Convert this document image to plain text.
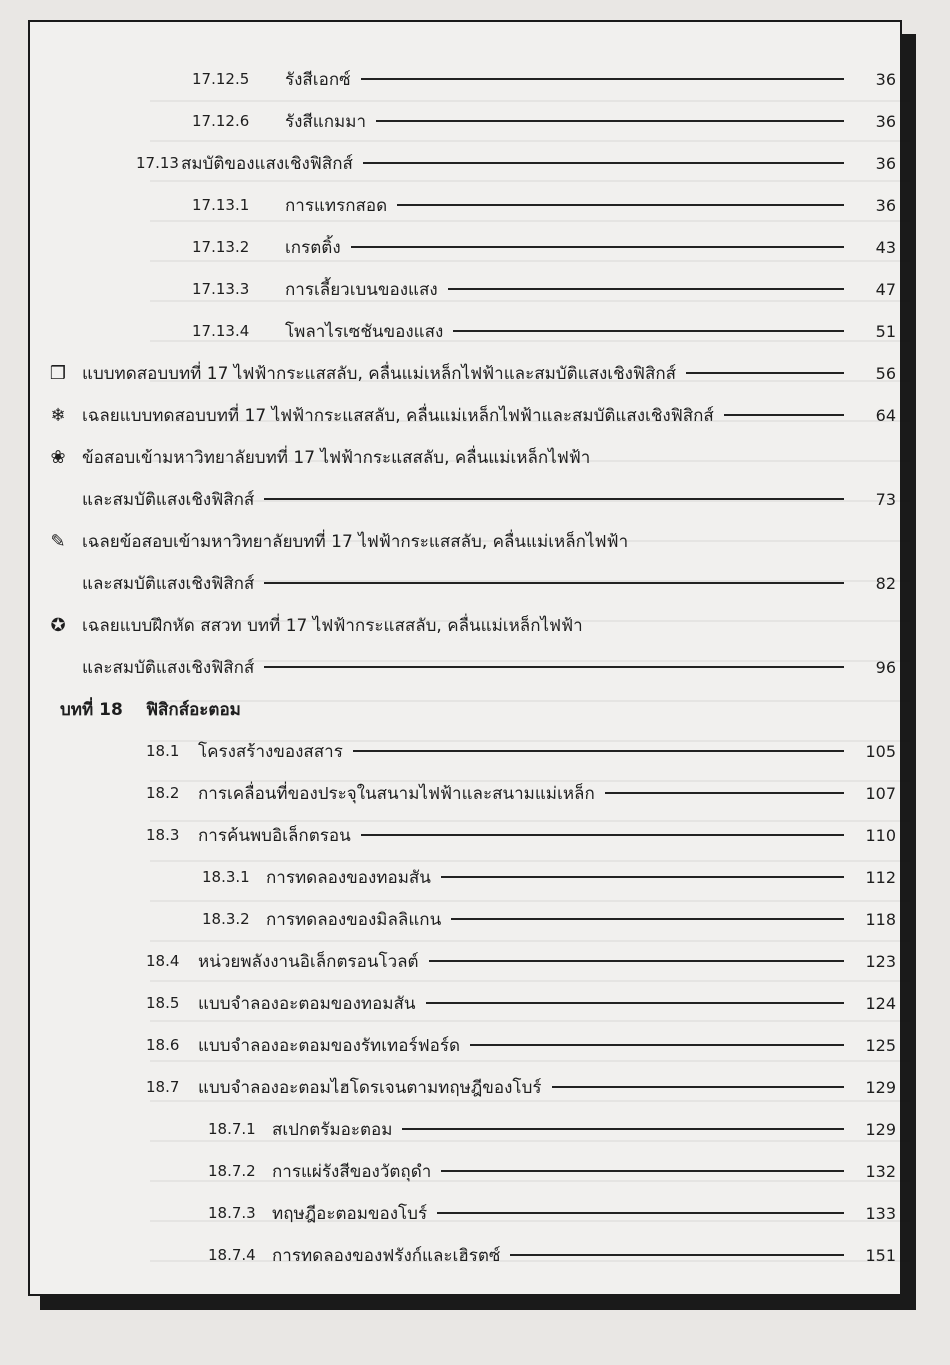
17.12.5	รังสีเอกซ์	36
17.12.6	รังสีแกมมา	36
17.13 สมบัติของแสงเชิงฟิสิกส์	36
17.13.1	การแทรกสอด	36
17.13.2	เกรตติ้ง	43
17.13.3	การเลี้ยวเบนของแสง	47
17.13.4	โพลาไรเซชันของแสง	51
❒ แบบทดสอบบทที่ 17 ไฟฟ้ากระแสสลับ, คลื่นแม่เหล็กไฟฟ้าและสมบัติแสงเชิงฟิสิกส์	56
❄ เฉลยแบบทดสอบบทที่ 17 ไฟฟ้ากระแสสลับ, คลื่นแม่เหล็กไฟฟ้าและสมบัติแสงเชิงฟิสิกส์	64
❀ ข้อสอบเข้ามหาวิทยาลัยบทที่ 17 ไฟฟ้ากระแสสลับ, คลื่นแม่เหล็กไฟฟ้า
และสมบัติแสงเชิงฟิสิกส์	73
✎ เฉลยข้อสอบเข้ามหาวิทยาลัยบทที่ 17 ไฟฟ้ากระแสสลับ, คลื่นแม่เหล็กไฟฟ้า
และสมบัติแสงเชิงฟิสิกส์	82
✪ เฉลยแบบฝึกหัด สสวท บทที่ 17 ไฟฟ้ากระแสสลับ, คลื่นแม่เหล็กไฟฟ้า
และสมบัติแสงเชิงฟิสิกส์	96
บทที่ 18	ฟิสิกส์อะตอม
18.1	โครงสร้างของสสาร	105
18.2	การเคลื่อนที่ของประจุในสนามไฟฟ้าและสนามแม่เหล็ก	107
18.3	การค้นพบอิเล็กตรอน	110
18.3.1 การทดลองของทอมสัน	112
18.3.2 การทดลองของมิลลิแกน	118
18.4	หน่วยพลังงานอิเล็กตรอนโวลต์	123
18.5	แบบจำลองอะตอมของทอมสัน	124
18.6	แบบจำลองอะตอมของรัทเทอร์ฟอร์ด	125
18.7	แบบจำลองอะตอมไฮโดรเจนตามทฤษฎีของโบร์	129
18.7.1 สเปกตรัมอะตอม	129
18.7.2 การแผ่รังสีของวัตถุดำ	132
18.7.3 ทฤษฎีอะตอมของโบร์	133
18.7.4 การทดลองของฟรังก์และเฮิรตซ์	151
